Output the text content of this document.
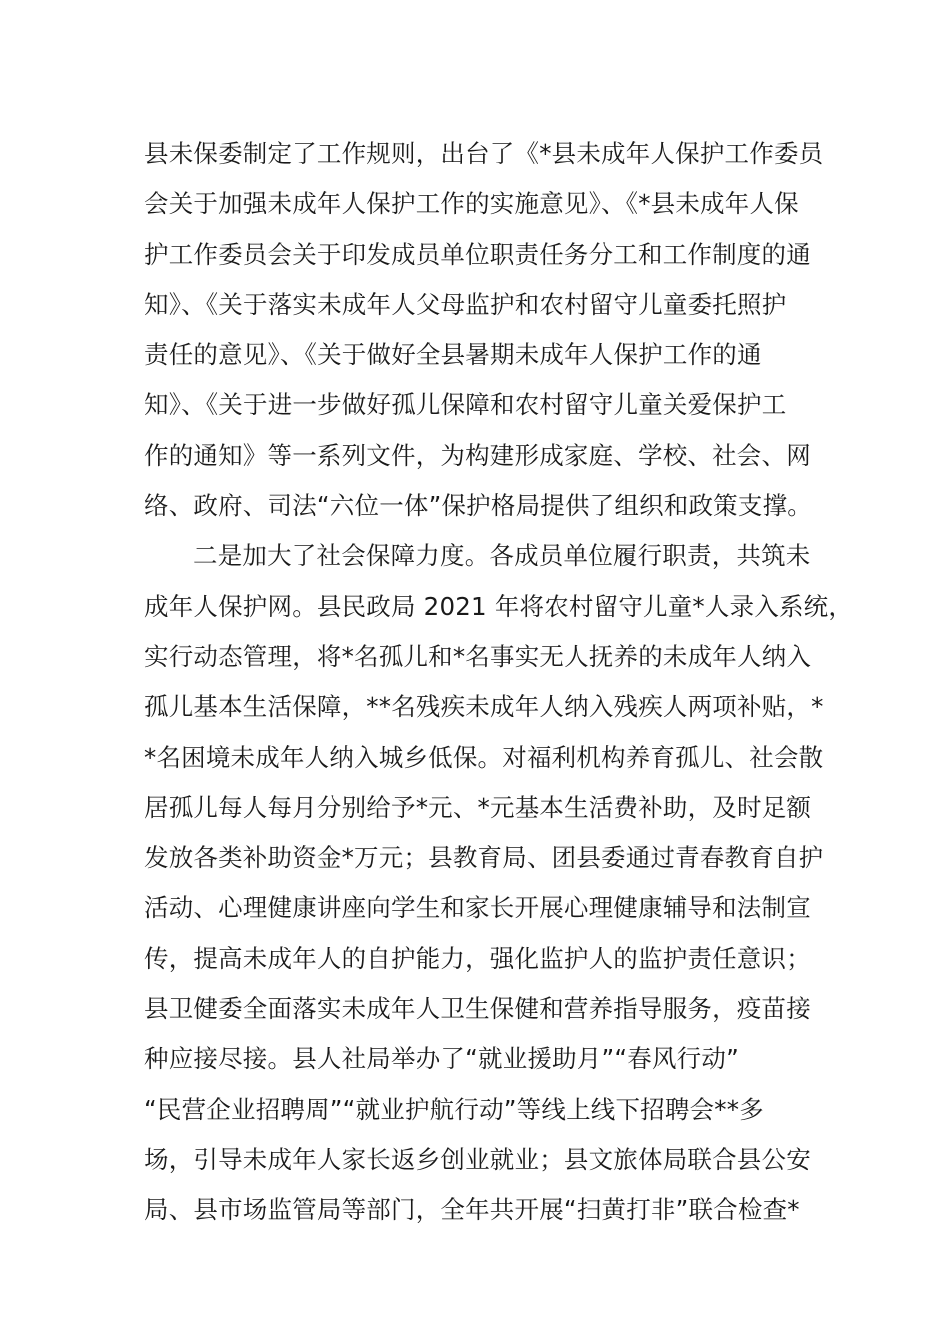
县未保委制定了工作规则，出台了《*县未成年人保护工作委员
会关于加强未成年人保护工作的实施意见》、《*县未成年人保
护工作委员会关于印发成员单位职责任务分工和工作制度的通
知》、《关于落实未成年人父母监护和农村留守儿童委托照护
责任的意见》、《关于做好全县暑期未成年人保护工作的通
知》、《关于进一步做好孤儿保障和农村留守儿童关爱保护工
作的通知》等一系列文件，为构建形成家庭、学校、社会、网
络、政府、司法“六位一体”保护格局提供了组织和政策支撑。
二是加大了社会保障力度。各成员单位履行职责，共筑未
成年人保护网。县民政局 2021 年将农村留守儿童*人录入系统，
实行动态管理，将*名孤儿和*名事实无人抚养的未成年人纳入
孤儿基本生活保障，**名残疾未成年人纳入残疾人两项补贴，*
*名困境未成年人纳入城乡低保。对福利机构养育孤儿、社会散
居孤儿每人每月分别给予*元、*元基本生活费补助，及时足额
发放各类补助资金*万元；县教育局、团县委通过青春教育自护
活动、心理健康讲座向学生和家长开展心理健康辅导和法制宣
传，提高未成年人的自护能力，强化监护人的监护责任意识；
县卫健委全面落实未成年人卫生保健和营养指导服务，疫苗接
种应接尽接。县人社局举办了“就业援助月”“春风行动”
“民营企业招聘周”“就业护航行动”等线上线下招聘会**多
场，引导未成年人家长返乡创业就业；县文旅体局联合县公安
局、县市场监管局等部门，全年共开展“扫黄打非”联合检查*
